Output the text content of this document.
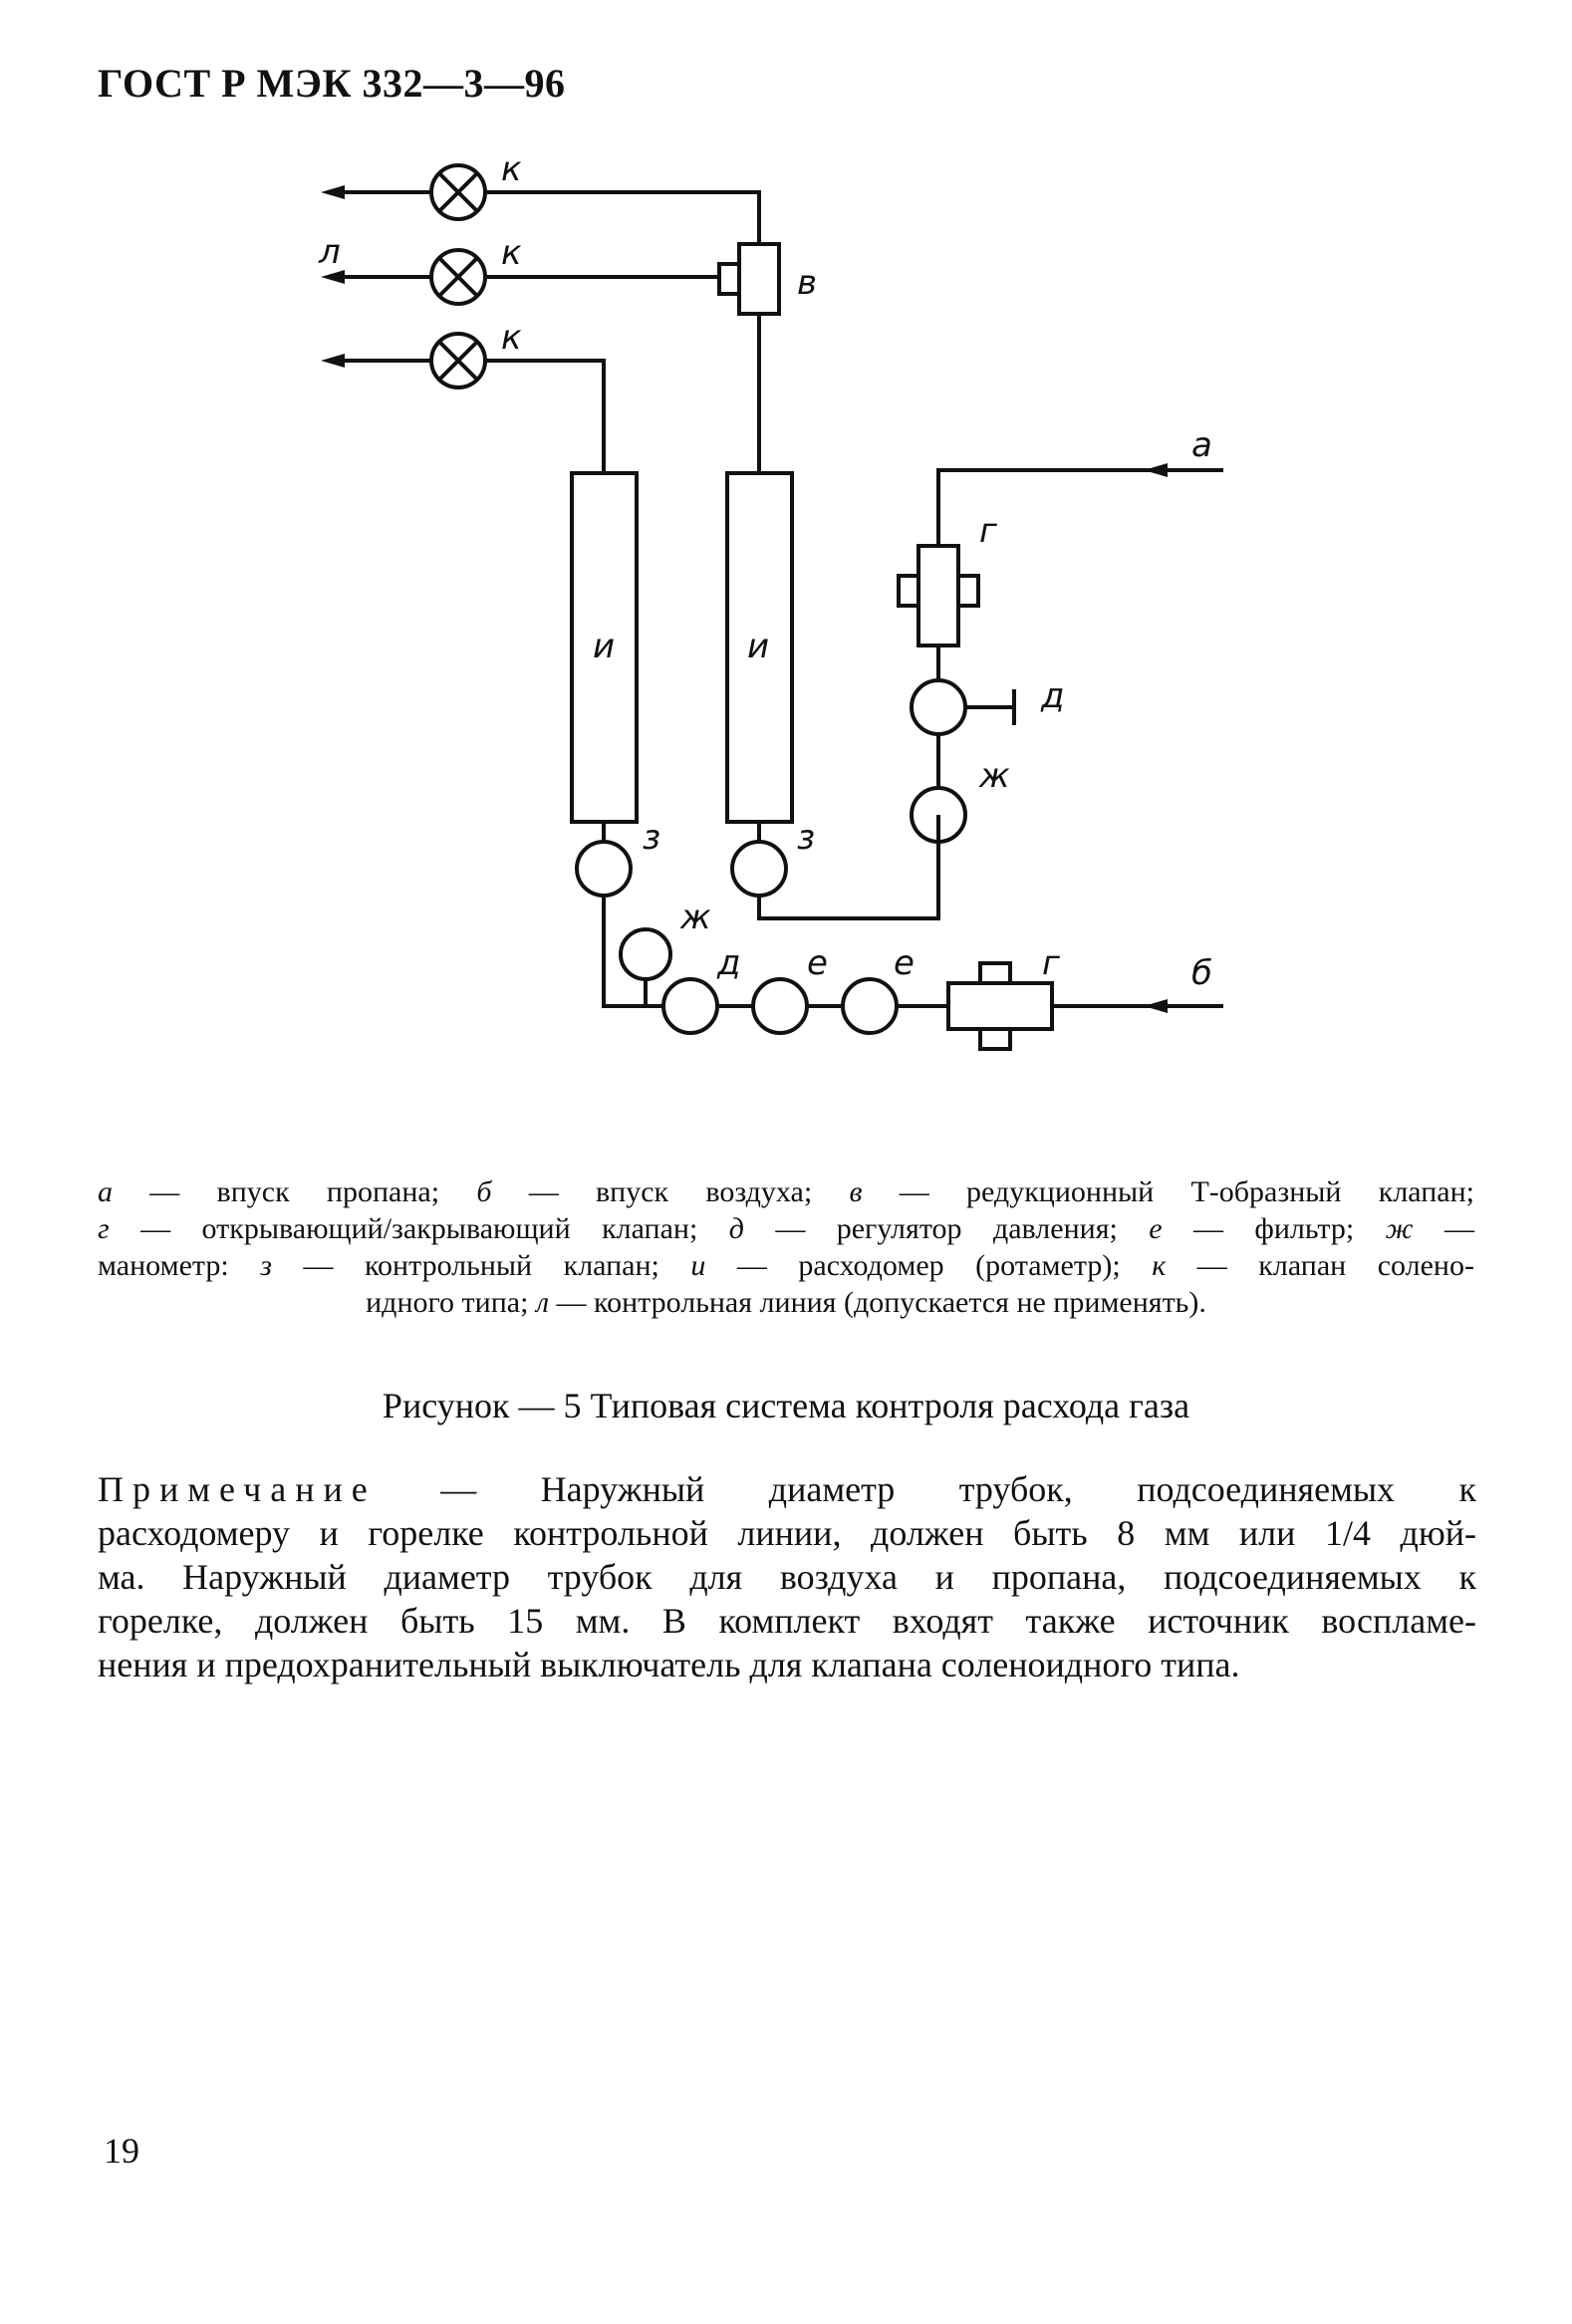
ГОСТ Р МЭК 332—3—96
к
к
к
л
в
а
г
д
ж
и	и
з	з
ж
д е е	г	б
а — впуск пропана; б — впуск воздуха; в — редукционный Т-образный клапан;
г — открывающий/закрывающий клапан; д — регулятор давления; е — фильтр; ж —
манометр: з — контрольный клапан; и — расходомер (ротаметр); к — клапан солено-
идного типа; л — контрольная линия (допускается не применять).
Рисунок — 5 Типовая система контроля расхода газа
Примечание — Наружный диаметр трубок, подсоединяемых к
расходомеру и горелке контрольной линии, должен быть 8 мм или 1/4 дюй-
ма. Наружный диаметр трубок для воздуха и пропана, подсоединяемых к
горелке, должен быть 15 мм. В комплект входят также источник воспламе-
нения и предохранительный выключатель для клапана соленоидного типа.
19
